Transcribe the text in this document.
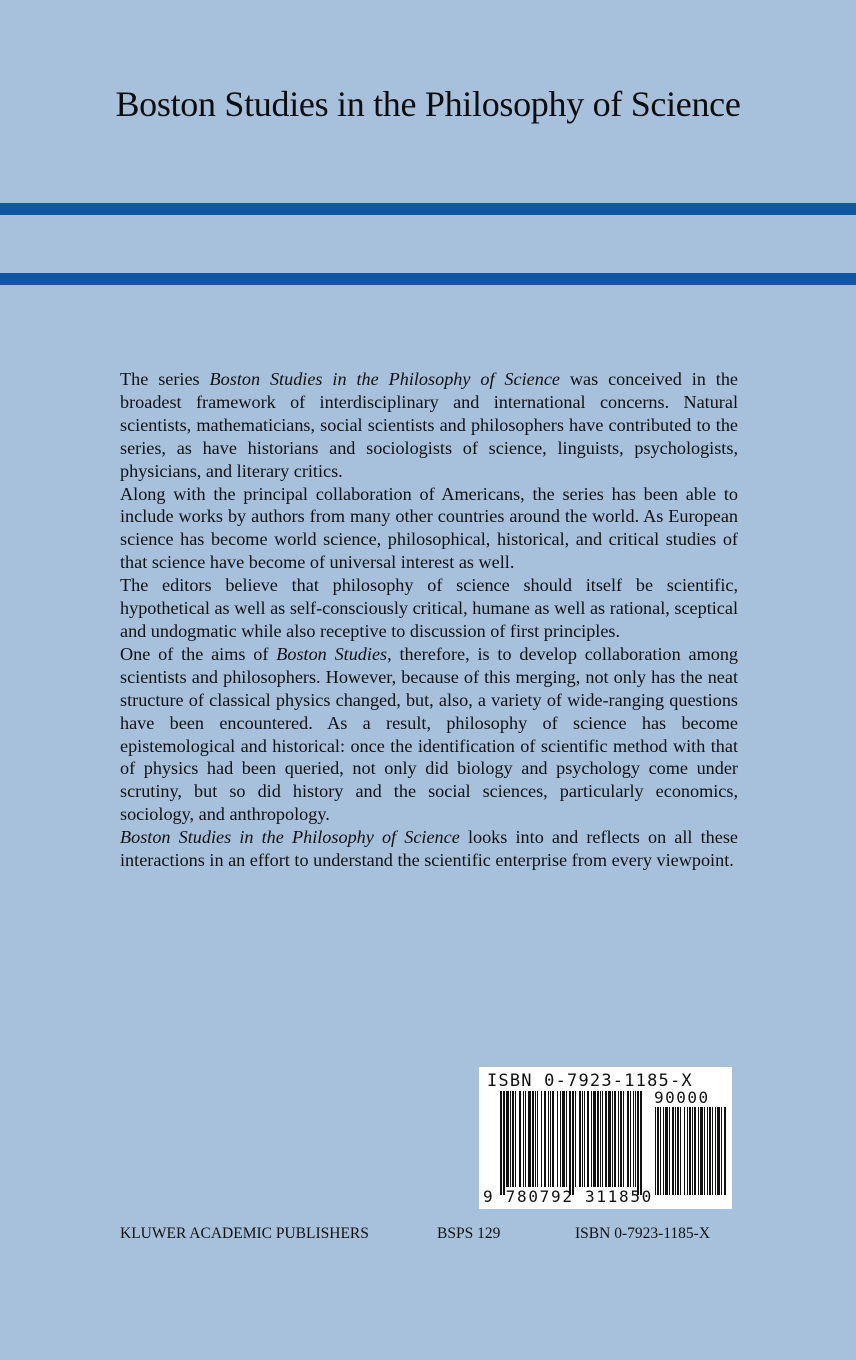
Boston Studies in the Philosophy of Science

The series Boston Studies in the Philosophy of Science was conceived in the broadest framework of interdisciplinary and international concerns. Natural scientists, mathematicians, social scientists and philosophers have contributed to the series, as have historians and sociologists of science, linguists, psychologists, physicians, and literary critics.

Along with the principal collaboration of Americans, the series has been able to include works by authors from many other countries around the world. As European science has become world science, philosophical, historical, and critical studies of that science have become of universal interest as well.

The editors believe that philosophy of science should itself be scientific, hypothetical as well as self-consciously critical, humane as well as rational, sceptical and undogmatic while also receptive to discussion of first principles.

One of the aims of Boston Studies, therefore, is to develop collaboration among scientists and philosophers. However, because of this merging, not only has the neat structure of classical physics changed, but, also, a variety of wide-ranging questions have been encountered. As a result, philosophy of science has become epistemological and historical: once the identification of scientific method with that of physics had been queried, not only did biology and psychology come under scrutiny, but so did history and the social sciences, particularly economics, sociology, and anthropology.

Boston Studies in the Philosophy of Science looks into and reflects on all these interactions in an effort to understand the scientific enterprise from every viewpoint.

ISBN 0-7923-1185-X
90000
9 780792 311850
KLUWER ACADEMIC PUBLISHERS	BSPS 129	ISBN 0-7923-1185-X
